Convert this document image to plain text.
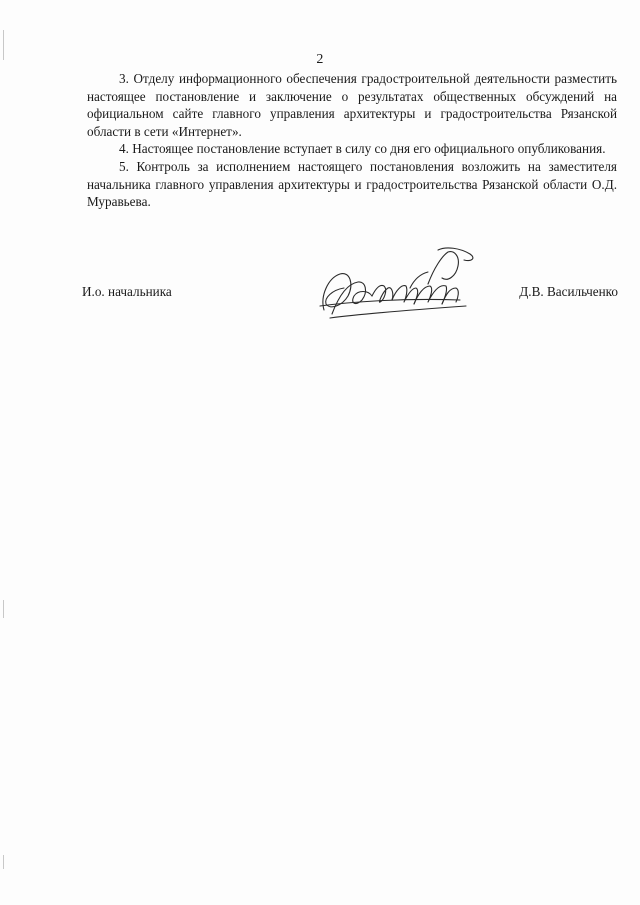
2

3. Отделу информационного обеспечения градостроительной деятельности разместить настоящее постановление и заключение о результатах общественных обсуждений на официальном сайте главного управления архитектуры и градостроительства Рязанской области в сети «Интернет».

4. Настоящее постановление вступает в силу со дня его официального опубликования.

5. Контроль за исполнением настоящего постановления возложить на заместителя начальника главного управления архитектуры и градостроительства Рязанской области О.Д. Муравьева.

И.о. начальника	Д.В. Васильченко
